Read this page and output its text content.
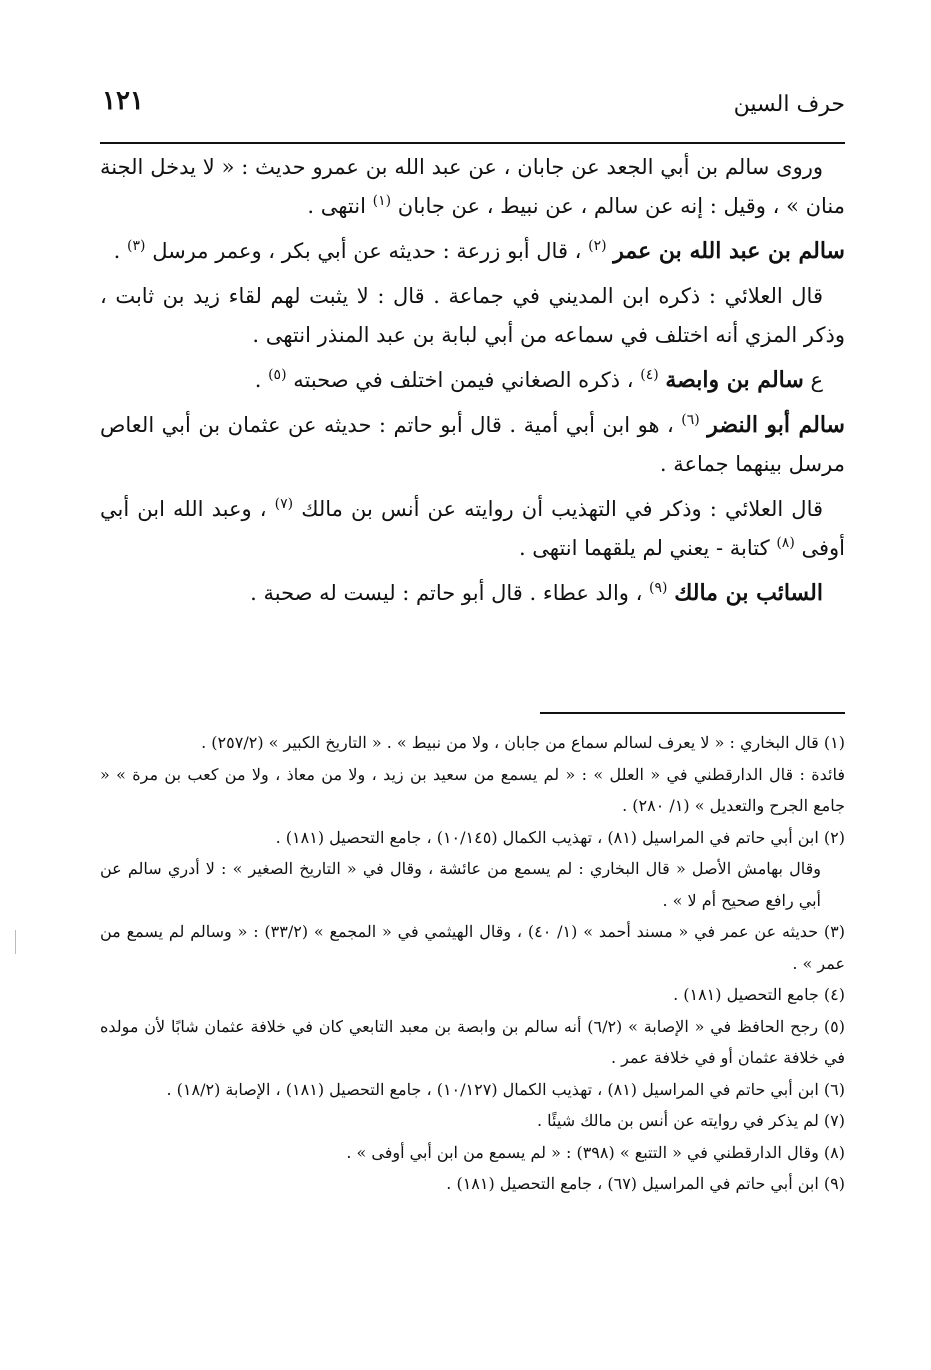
حرف السين
١٢١

وروى سالم بن أبي الجعد عن جابان ، عن عبد الله بن عمرو حديث : « لا يدخل الجنة منان » ، وقيل : إنه عن سالم ، عن نبيط ، عن جابان $^{(١)}$ انتهى .

سالم بن عبد الله بن عمر $^{(٢)}$ ، قال أبو زرعة : حديثه عن أبي بكر ، وعمر مرسل $^{(٣)}$ .

قال العلائي : ذكره ابن المديني في جماعة . قال : لا يثبت لهم لقاء زيد بن ثابت ، وذكر المزي أنه اختلف في سماعه من أبي لبابة بن عبد المنذر انتهى .

ع سالم بن وابصة $^{(٤)}$ ، ذكره الصغاني فيمن اختلف في صحبته $^{(٥)}$ .

سالم أبو النضر $^{(٦)}$ ، هو ابن أبي أمية . قال أبو حاتم : حديثه عن عثمان بن أبي العاص مرسل بينهما جماعة .

قال العلائي : وذكر في التهذيب أن روايته عن أنس بن مالك $^{(٧)}$ ، وعبد الله ابن أبي أوفى $^{(٨)}$ كتابة - يعني لم يلقهما انتهى .

السائب بن مالك $^{(٩)}$ ، والد عطاء . قال أبو حاتم : ليست له صحبة .

(١) قال البخاري : « لا يعرف لسالم سماع من جابان ، ولا من نبيط » . « التاريخ الكبير » (٢٥٧/٢) .

فائدة : قال الدارقطني في « العلل » : « لم يسمع من سعيد بن زيد ، ولا من معاذ ، ولا من كعب بن مرة » « جامع الجرح والتعديل » (١/ ٢٨٠) .

(٢) ابن أبي حاتم في المراسيل (٨١) ، تهذيب الكمال (١٠/١٤٥) ، جامع التحصيل (١٨١) .

وقال بهامش الأصل « قال البخاري : لم يسمع من عائشة ، وقال في « التاريخ الصغير » : لا أدري سالم عن أبي رافع صحيح أم لا » .

(٣) حديثه عن عمر في « مسند أحمد » (١/ ٤٠) ، وقال الهيثمي في « المجمع » (٣٣/٢) : « وسالم لم يسمع من عمر » .

(٤) جامع التحصيل (١٨١) .

(٥) رجح الحافظ في « الإصابة » (٦/٢) أنه سالم بن وابصة بن معبد التابعي كان في خلافة عثمان شابًا لأن مولده في خلافة عثمان أو في خلافة عمر .

(٦) ابن أبي حاتم في المراسيل (٨١) ، تهذيب الكمال (١٠/١٢٧) ، جامع التحصيل (١٨١) ، الإصابة (١٨/٢) .

(٧) لم يذكر في روايته عن أنس بن مالك شيئًا .

(٨) وقال الدارقطني في « التتبع » (٣٩٨) : « لم يسمع من ابن أبي أوفى » .

(٩) ابن أبي حاتم في المراسيل (٦٧) ، جامع التحصيل (١٨١) .
